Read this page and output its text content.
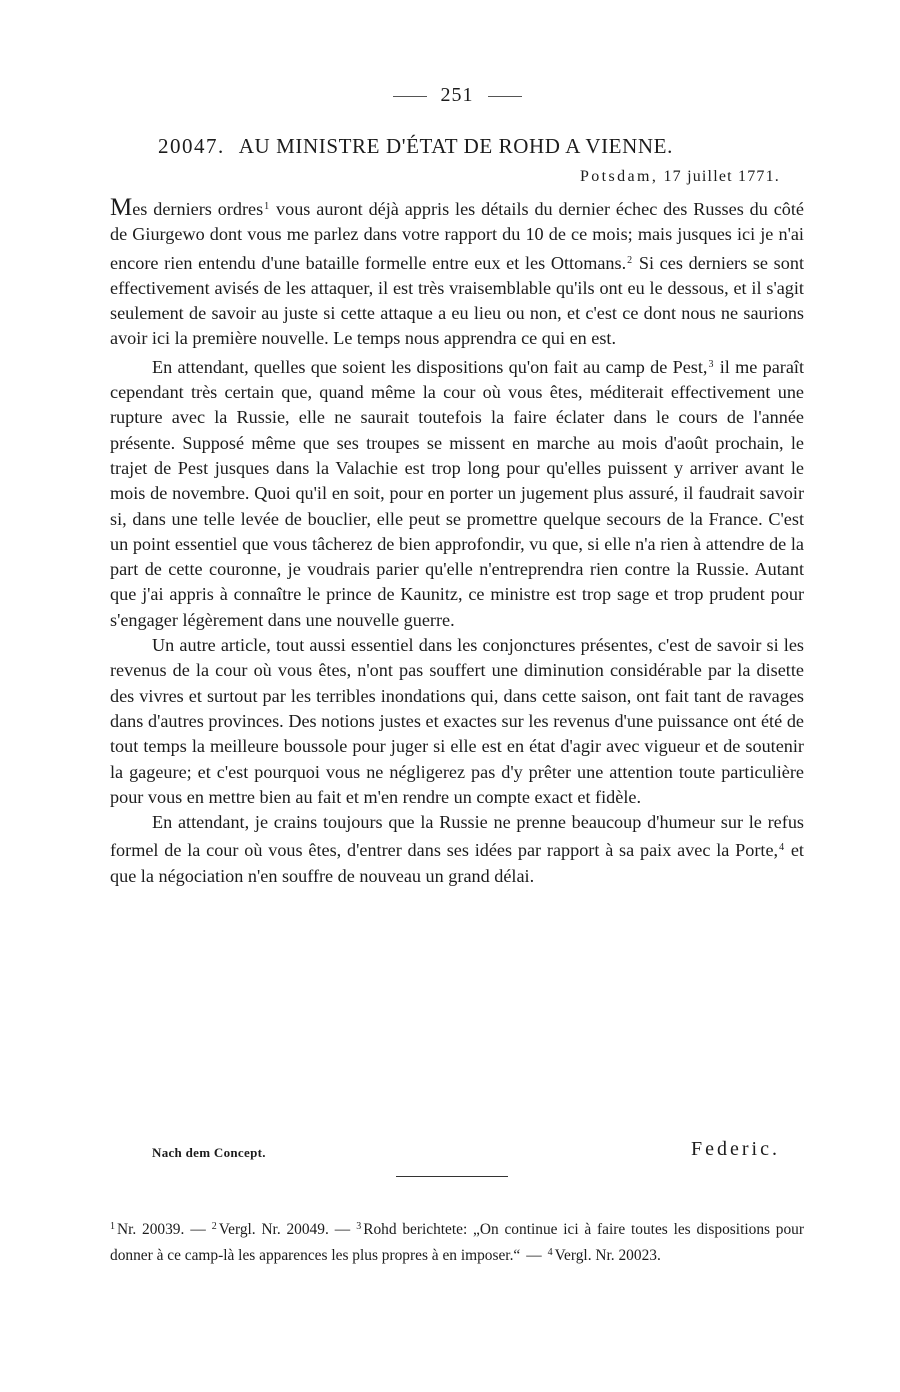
251
20047. AU MINISTRE D'ÉTAT DE ROHD A VIENNE.
Potsdam, 17 juillet 1771.

Mes derniers ordres$^1$ vous auront déjà appris les détails du dernier échec des Russes du côté de Giurgewo dont vous me parlez dans votre rapport du 10 de ce mois; mais jusques ici je n'ai encore rien entendu d'une bataille formelle entre eux et les Ottomans.$^2$ Si ces derniers se sont effectivement avisés de les attaquer, il est très vraisemblable qu'ils ont eu le dessous, et il s'agit seulement de savoir au juste si cette attaque a eu lieu ou non, et c'est ce dont nous ne saurions avoir ici la première nouvelle. Le temps nous apprendra ce qui en est.

En attendant, quelles que soient les dispositions qu'on fait au camp de Pest,$^3$ il me paraît cependant très certain que, quand même la cour où vous êtes, méditerait effectivement une rupture avec la Russie, elle ne saurait toutefois la faire éclater dans le cours de l'année présente. Supposé même que ses troupes se missent en marche au mois d'août prochain, le trajet de Pest jusques dans la Valachie est trop long pour qu'elles puissent y arriver avant le mois de novembre. Quoi qu'il en soit, pour en porter un jugement plus assuré, il faudrait savoir si, dans une telle levée de bouclier, elle peut se promettre quelque secours de la France. C'est un point essentiel que vous tâcherez de bien approfondir, vu que, si elle n'a rien à attendre de la part de cette couronne, je voudrais parier qu'elle n'entreprendra rien contre la Russie. Autant que j'ai appris à connaître le prince de Kaunitz, ce ministre est trop sage et trop prudent pour s'engager légèrement dans une nouvelle guerre.

Un autre article, tout aussi essentiel dans les conjonctures présentes, c'est de savoir si les revenus de la cour où vous êtes, n'ont pas souffert une diminution considérable par la disette des vivres et surtout par les terribles inondations qui, dans cette saison, ont fait tant de ravages dans d'autres provinces. Des notions justes et exactes sur les revenus d'une puissance ont été de tout temps la meilleure boussole pour juger si elle est en état d'agir avec vigueur et de soutenir la gageure; et c'est pourquoi vous ne négligerez pas d'y prêter une attention toute particulière pour vous en mettre bien au fait et m'en rendre un compte exact et fidèle.

En attendant, je crains toujours que la Russie ne prenne beaucoup d'humeur sur le refus formel de la cour où vous êtes, d'entrer dans ses idées par rapport à sa paix avec la Porte,$^4$ et que la négociation n'en souffre de nouveau un grand délai.

Nach dem Concept.	Federic.
$^1$ Nr. 20039. — $^2$ Vergl. Nr. 20049. — $^3$ Rohd berichtete: „On continue ici à faire toutes les dispositions pour donner à ce camp-là les apparences les plus propres à en imposer.“ — $^4$ Vergl. Nr. 20023.
